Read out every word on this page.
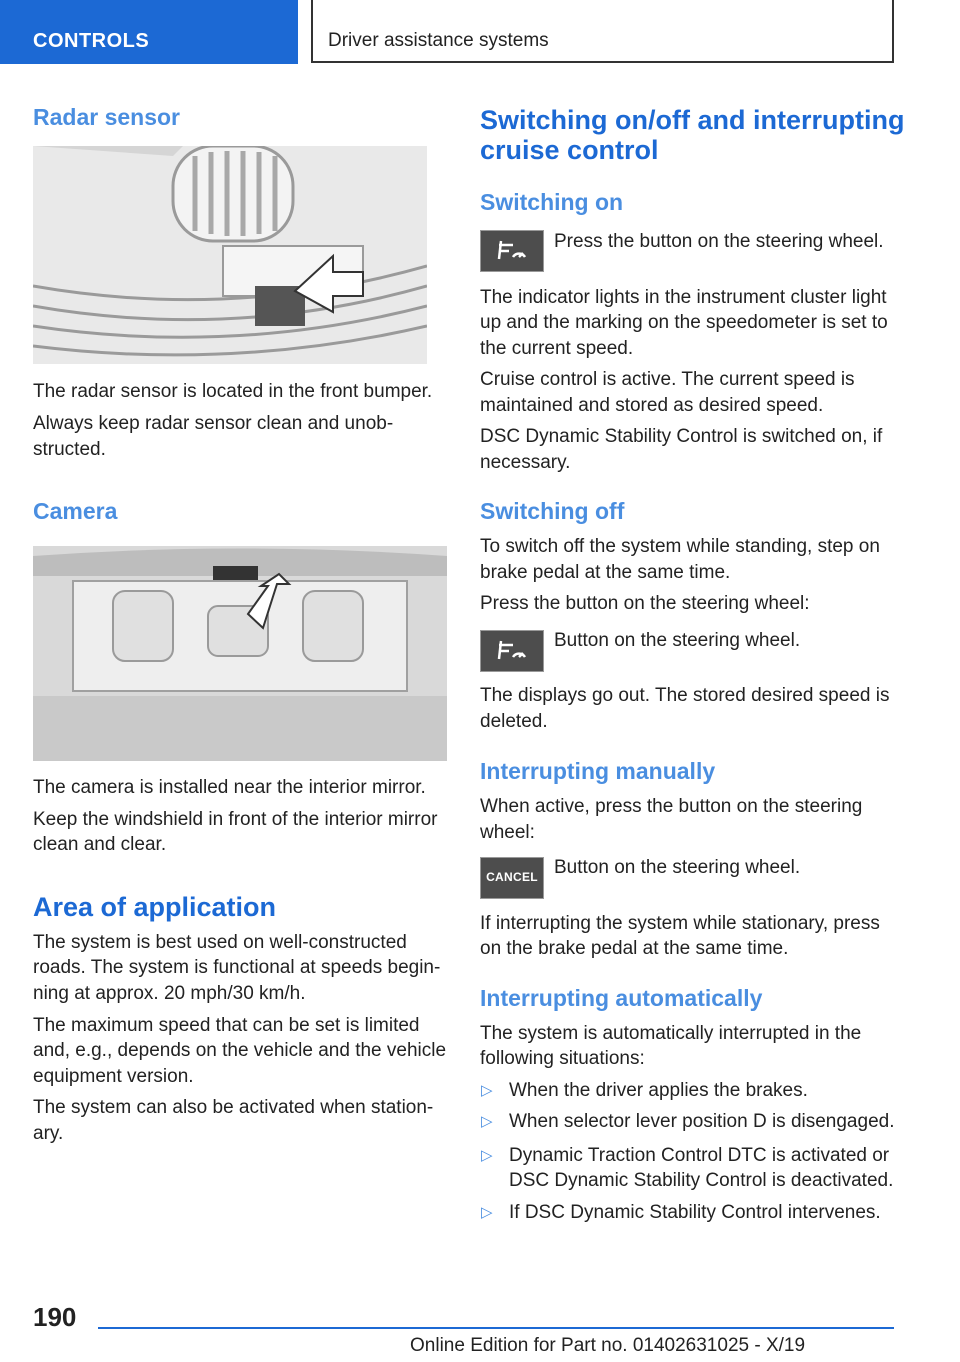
CONTROLS	Driver assistance systems
Radar sensor

The radar sensor is located in the front bumper.

Always keep radar sensor clean and unob‐

structed.

Camera

The camera is installed near the interior mirror.

Keep the windshield in front of the interior mirror

clean and clear.

Area of application

The system is best used on well-constructed

roads. The system is functional at speeds begin‐

ning at approx. 20 mph/30 km/h.

The maximum speed that can be set is limited

and, e.g., depends on the vehicle and the vehicle

equipment version.

The system can also be activated when station‐

ary.

Switching on/off and interrupting
cruise control
Switching on

Press the button on the steering wheel.

The indicator lights in the instrument cluster light

up and the marking on the speedometer is set to

the current speed.

Cruise control is active. The current speed is

maintained and stored as desired speed.

DSC Dynamic Stability Control is switched on, if

necessary.

Switching off

To switch off the system while standing, step on

brake pedal at the same time.

Press the button on the steering wheel:

Button on the steering wheel.

The displays go out. The stored desired speed is

deleted.

Interrupting manually

When active, press the button on the steering

wheel:

CANCEL Button on the steering wheel.

If interrupting the system while stationary, press

on the brake pedal at the same time.

Interrupting automatically

The system is automatically interrupted in the

following situations:

▷ When the driver applies the brakes.

▷ When selector lever position D is disengaged.

▷ Dynamic Traction Control DTC is activated or

DSC Dynamic Stability Control is deactivated.

▷ If DSC Dynamic Stability Control intervenes.

190
Online Edition for Part no. 01402631025 - X/19
